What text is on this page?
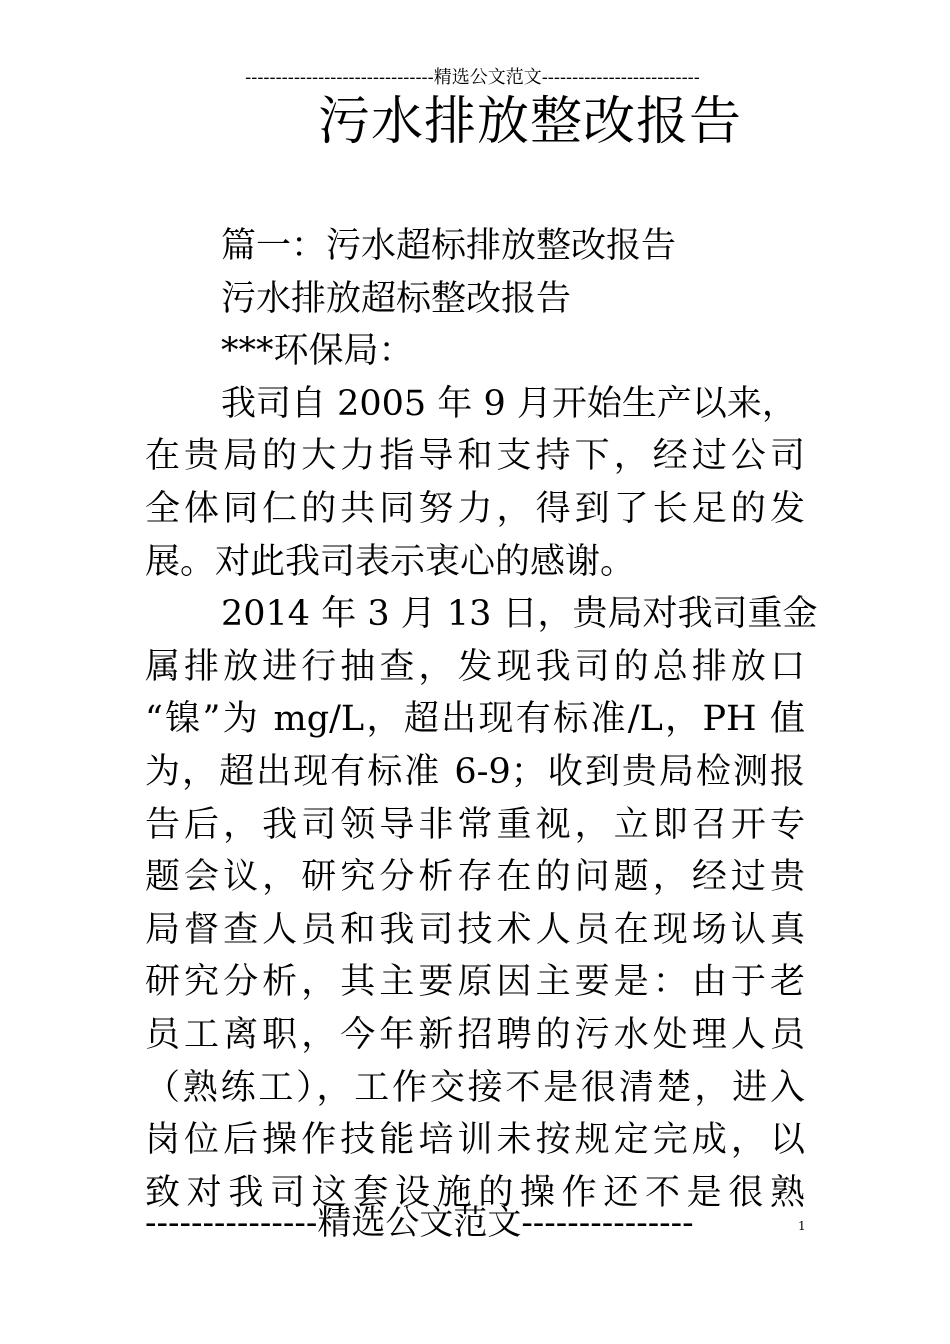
-------------------------------精选公文范文--------------------------
污水排放整改报告
篇一：污水超标排放整改报告
污水排放超标整改报告
***环保局：
我司自 2005 年 9 月开始生产以来，
在贵局的大力指导和支持下，经过公司
全体同仁的共同努力，得到了长足的发
展。对此我司表示衷心的感谢。
2014 年 3 月 13 日，贵局对我司重金
属排放进行抽查，发现我司的总排放口
“镍”为 mg/L，超出现有标准/L，PH 值
为，超出现有标准 6-9；收到贵局检测报
告后，我司领导非常重视，立即召开专
题会议，研究分析存在的问题，经过贵
局督查人员和我司技术人员在现场认真
研究分析，其主要原因主要是：由于老
员工离职，今年新招聘的污水处理人员
（熟练工），工作交接不是很清楚，进入
岗位后操作技能培训未按规定完成，以
致对我司这套设施的操作还不是很熟
---------------精选公文范文---------------	1
